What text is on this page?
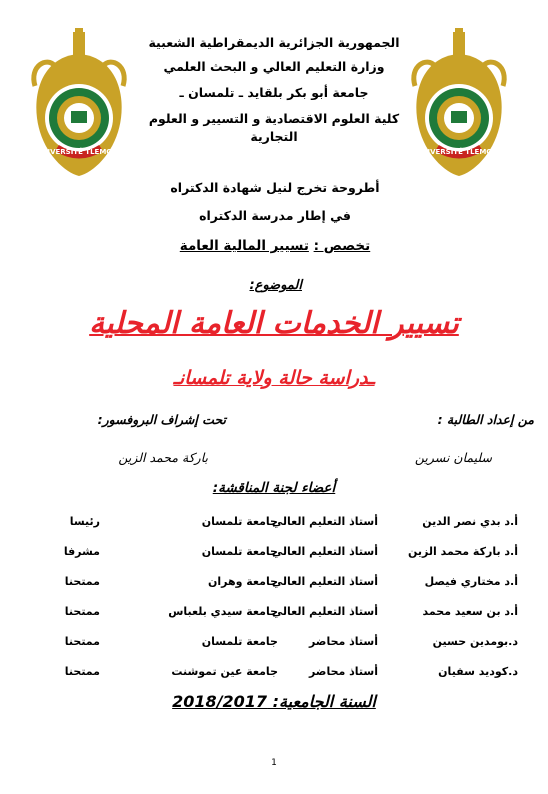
UNIVERSITÉ TLEMCEN	UNIVERSITÉ TLEMCEN
الجمهورية الجزائرية الديمقراطية الشعبية
وزارة التعليم العالي و البحث العلمي
جامعة أبو بكر بلقايد ـ تلمسان ـ
كلية العلوم الاقتصادية و التسيير و العلوم
التجارية
أطروحة تخرج لنيل شهادة الدكتراه
في إطار مدرسة الدكتراه
تخصص : تسيير المالية العامة
الموضوع:
تسيير الخدمات العامة المحلية
ـدراسة حالة ولاية تلمسانـ
من إعداد الطالبة :
تحت إشراف البروفسور:
سليمان نسرين
باركة محمد الزين
أعضاء لجنة المناقشة:
أ.د بدي نصر الدين
أستاذ التعليم العالي
جامعة تلمسان
رئيسا
أ.د باركة محمد الزين
أستاذ التعليم العالي
جامعة تلمسان
مشرفا
أ.د مختاري فيصل
أستاذ التعليم العالي
جامعة وهران
ممتحنا
أ.د بن سعيد محمد
أستاذ التعليم العالي
جامعة سيدي بلعباس
ممتحنا
د.بومدين حسين
أستاذ محاضر
جامعة تلمسان
ممتحنا
د.كوديد سفيان
أستاذ محاضر
جامعة عين تموشنت
ممتحنا
السنة الجامعية: 2018/2017
1
